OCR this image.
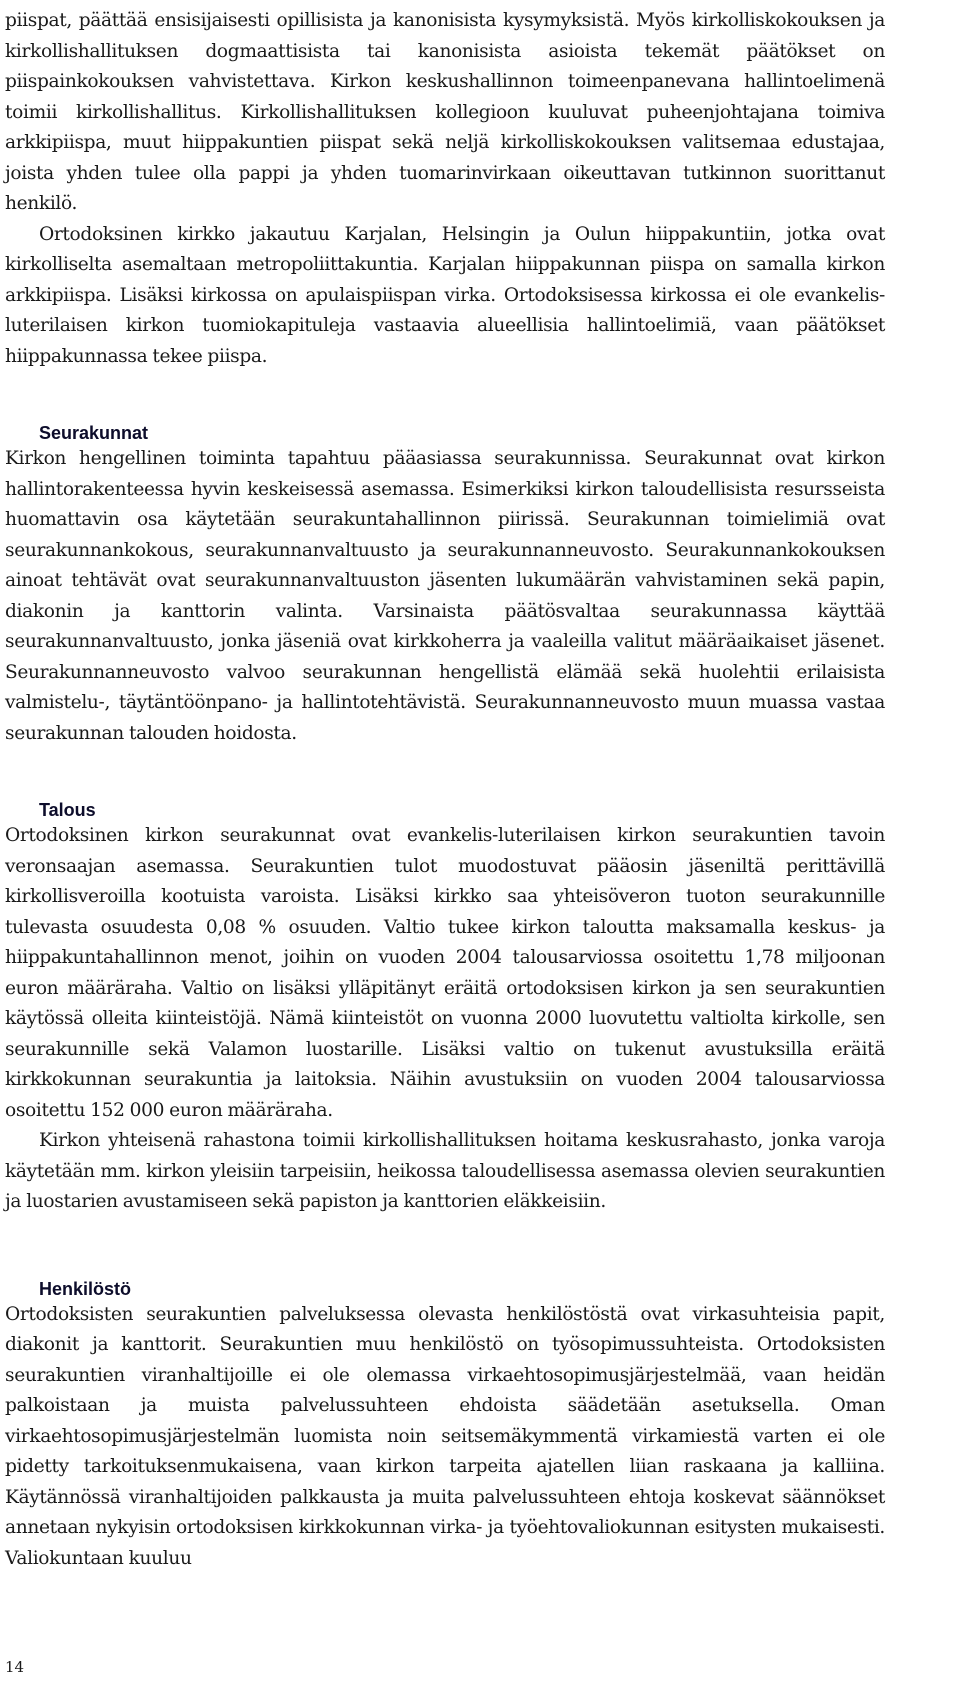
piispat, päättää ensisijaisesti opillisista ja kanonisista kysymyksistä. Myös kirkolliskokouksen ja kirkollishallituksen dogmaattisista tai kanonisista asioista tekemät päätökset on piispainkokouksen vahvistettava. Kirkon keskushallinnon toimeenpanevana hallintoelimenä toimii kirkollishallitus. Kirkollishallituksen kollegioon kuuluvat puheenjohtajana toimiva arkkipiispa, muut hiippakuntien piispat sekä neljä kirkolliskokouksen valitsemaa edustajaa, joista yhden tulee olla pappi ja yhden tuomarinvirkaan oikeuttavan tutkinnon suorittanut henkilö.

Ortodoksinen kirkko jakautuu Karjalan, Helsingin ja Oulun hiippakuntiin, jotka ovat kirkolliselta asemaltaan metropoliittakuntia. Karjalan hiippakunnan piispa on samalla kirkon arkkipiispa. Lisäksi kirkossa on apulaispiispan virka. Ortodoksisessa kirkossa ei ole evankelis-luterilaisen kirkon tuomiokapituleja vastaavia alueellisia hallintoelimiä, vaan päätökset hiippakunnassa tekee piispa.

Seurakunnat

Kirkon hengellinen toiminta tapahtuu pääasiassa seurakunnissa. Seurakunnat ovat kirkon hallintorakenteessa hyvin keskeisessä asemassa. Esimerkiksi kirkon taloudellisista resursseista huomattavin osa käytetään seurakuntahallinnon piirissä. Seurakunnan toimielimiä ovat seurakunnankokous, seurakunnanvaltuusto ja seurakunnanneuvosto. Seurakunnankokouksen ainoat tehtävät ovat seurakunnanvaltuuston jäsenten lukumäärän vahvistaminen sekä papin, diakonin ja kanttorin valinta. Varsinaista päätösvaltaa seurakunnassa käyttää seurakunnanvaltuusto, jonka jäseniä ovat kirkkoherra ja vaaleilla valitut määräaikaiset jäsenet. Seurakunnanneuvosto valvoo seurakunnan hengellistä elämää sekä huolehtii erilaisista valmistelu-, täytäntöönpano- ja hallintotehtävistä. Seurakunnanneuvosto muun muassa vastaa seurakunnan talouden hoidosta.

Talous

Ortodoksinen kirkon seurakunnat ovat evankelis-luterilaisen kirkon seurakuntien tavoin veronsaajan asemassa. Seurakuntien tulot muodostuvat pääosin jäseniltä perittävillä kirkollisveroilla kootuista varoista. Lisäksi kirkko saa yhteisöveron tuoton seurakunnille tulevasta osuudesta 0,08 % osuuden. Valtio tukee kirkon taloutta maksamalla keskus- ja hiippakuntahallinnon menot, joihin on vuoden 2004 talousarviossa osoitettu 1,78 miljoonan euron määräraha. Valtio on lisäksi ylläpitänyt eräitä ortodoksisen kirkon ja sen seurakuntien käytössä olleita kiinteistöjä. Nämä kiinteistöt on vuonna 2000 luovutettu valtiolta kirkolle, sen seurakunnille sekä Valamon luostarille. Lisäksi valtio on tukenut avustuksilla eräitä kirkkokunnan seurakuntia ja laitoksia. Näihin avustuksiin on vuoden 2004 talousarviossa osoitettu 152 000 euron määräraha.

Kirkon yhteisenä rahastona toimii kirkollishallituksen hoitama keskusrahasto, jonka varoja käytetään mm. kirkon yleisiin tarpeisiin, heikossa taloudellisessa asemassa olevien seurakuntien ja luostarien avustamiseen sekä papiston ja kanttorien eläkkeisiin.

Henkilöstö

Ortodoksisten seurakuntien palveluksessa olevasta henkilöstöstä ovat virkasuhteisia papit, diakonit ja kanttorit. Seurakuntien muu henkilöstö on työsopimussuhteista. Ortodoksisten seurakuntien viranhaltijoille ei ole olemassa virkaehtosopimusjärjestelmää, vaan heidän palkoistaan ja muista palvelussuhteen ehdoista säädetään asetuksella. Oman virkaehtosopimusjärjestelmän luomista noin seitsemäkymmentä virkamiestä varten ei ole pidetty tarkoituksenmukaisena, vaan kirkon tarpeita ajatellen liian raskaana ja kalliina. Käytännössä viranhaltijoiden palkkausta ja muita palvelussuhteen ehtoja koskevat säännökset annetaan nykyisin ortodoksisen kirkkokunnan virka- ja työehtovaliokunnan esitysten mukaisesti. Valiokuntaan kuuluu

14
